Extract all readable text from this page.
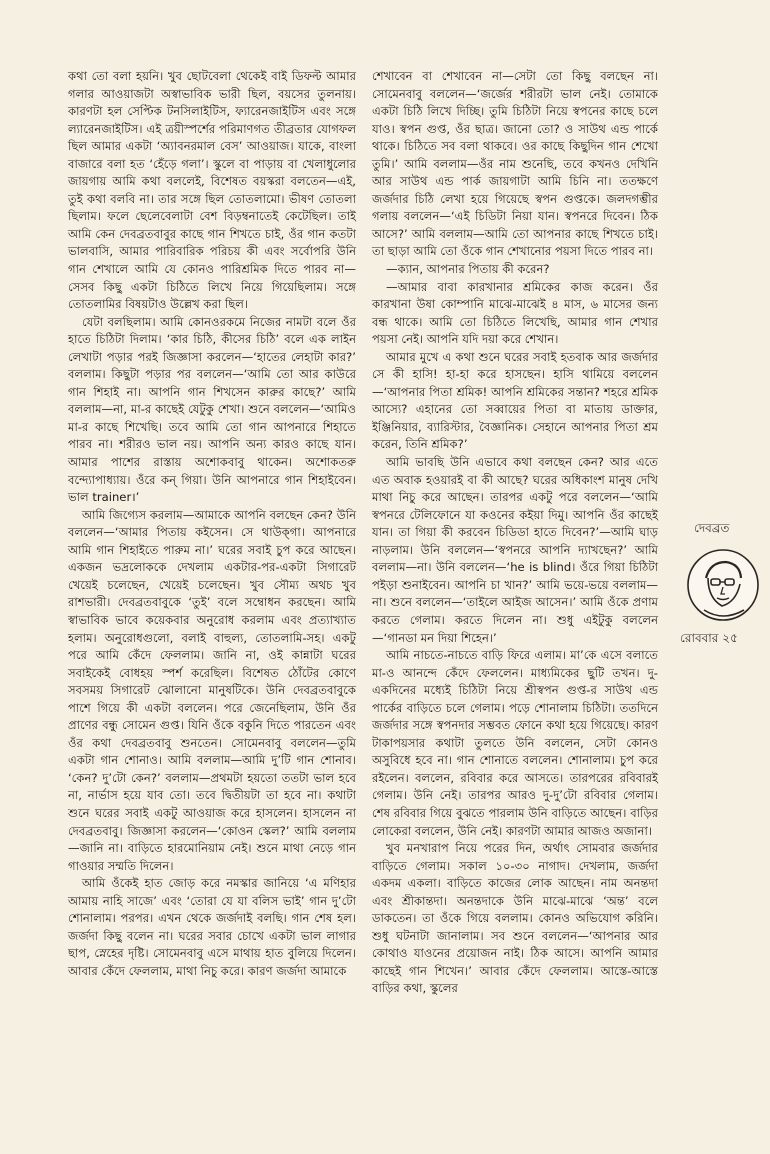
কথা তো বলা হয়নি। খুব ছোটবেলা থেকেই বাই ডিফল্ট আমার গলার আওয়াজটা অস্বাভাবিক ভারী ছিল, বয়সের তুলনায়। কারণটা হল সেপ্টিক টনসিলাইটিস, ফ্যারেনজাইটিস এবং সঙ্গে ল্যারেনজাইটিস। এই ত্রয়ীস্পর্শের পরিমাণগত তীব্রতার যোগফল ছিল আমার একটা ‘অ্যাবনরমাল বেস’ আওয়াজ। যাকে, বাংলা বাজারে বলা হত ‘হেঁড়ে গলা’। স্কুলে বা পাড়ায় বা খেলাধুলোর জায়গায় আমি কথা বললেই, বিশেষত বয়স্করা বলতেন—এই, তুই কথা বলবি না। তার সঙ্গে ছিল তোতলামো। ভীষণ তোতলা ছিলাম। ফলে ছেলেবেলাটা বেশ বিড়ম্বনাতেই কেটেছিল। তাই আমি কেন দেবব্রতবাবুর কাছে গান শিখতে চাই, ওঁর গান কতটা ভালবাসি, আমার পারিবারিক পরিচয় কী এবং সর্বোপরি উনি গান শেখালে আমি যে কোনও পারিশ্রমিক দিতে পারব না—সেসব কিছু একটা চিঠিতে লিখে নিয়ে গিয়েছিলাম। সঙ্গে তোতলামির বিষয়টাও উল্লেখ করা ছিল।

যেটা বলছিলাম। আমি কোনওরকমে নিজের নামটা বলে ওঁর হাতে চিঠিটা দিলাম। ‘কার চিঠি, কীসের চিঠি’ বলে এক লাইন লেখাটা পড়ার পরই জিজ্ঞাসা করলেন—‘হাতের লেহাটা কার?’ বললাম। কিছুটা পড়ার পর বললেন—‘আমি তো আর কাউরে গান শিহাই না। আপনি গান শিখসেন কারুর কাছে?’ আমি বললাম—না, মা-র কাছেই যেটুকু শেখা। শুনে বললেন—‘আমিও মা-র কাছে শিখেছি। তবে আমি তো গান আপনারে শিহাতে পারব না। শরীরও ভাল নয়। আপনি অন্য কারও কাছে যান। আমার পাশের রাস্তায় অশোকবাবু থাকেন। অশোকতরু বন্দ্যোপাধ্যায়। ওঁরে কন্ গিয়া। উনি আপনারে গান শিহাইবেন। ভাল trainer।’

আমি জিগ্যেস করলাম—আমাকে আপনি বলছেন কেন? উনি বললেন—‘আমার পিতায় কইসেন। সে থাউক্গা। আপনারে আমি গান শিহাইতে পারুম না।’ ঘরের সবাই চুপ করে আছেন। একজন ভদ্রলোককে দেখলাম একটার-পর-একটা সিগারেট খেয়েই চলেছেন, খেয়েই চলেছেন। খুব সৌম্য অথচ খুব রাশভারী। দেবব্রতবাবুকে ‘তুই’ বলে সম্বোধন করছেন। আমি স্বাভাবিক ভাবে কয়েকবার অনুরোধ করলাম এবং প্রত্যাখ্যাত হলাম। অনুরোধগুলো, বলাই বাহুল্য, তোতলামি-সহ। একটু পরে আমি কেঁদে ফেললাম। জানি না, ওই কান্নাটা ঘরের সবাইকেই বোধহয় স্পর্শ করেছিল। বিশেষত ঠোঁটের কোণে সবসময় সিগারেট ঝোলানো মানুষটিকে। উনি দেবব্রতবাবুকে পাশে গিয়ে কী একটা বললেন। পরে জেনেছিলাম, উনি ওঁর প্রাণের বন্ধু সোমেন গুপ্ত। যিনি ওঁকে বকুনি দিতে পারতেন এবং ওঁর কথা দেবব্রতবাবু শুনতেন। সোমেনবাবু বললেন—তুমি একটা গান শোনাও। আমি বললাম—আমি দু’টি গান শোনাব। ‘কেন? দু’টো কেন?’ বললাম—প্রথমটা হয়তো ততটা ভাল হবে না, নার্ভাস হয়ে যাব তো। তবে দ্বিতীয়টা তা হবে না। কথাটা শুনে ঘরের সবাই একটু আওয়াজ করে হাসলেন। হাসলেন না দেবব্রতবাবু। জিজ্ঞাসা করলেন—‘কোওন স্কেল?’ আমি বললাম—জানি না। বাড়িতে হারমোনিয়াম নেই। শুনে মাথা নেড়ে গান গাওয়ার সম্মতি দিলেন।

আমি ওঁকেই হাত জোড় করে নমস্কার জানিয়ে ‘এ মণিহার আমায় নাহি সাজে’ এবং ‘তোরা যে যা বলিস ভাই’ গান দু’টো শোনালাম। পরপর। এখন থেকে জর্জদাই বলছি। গান শেষ হল। জর্জদা কিছু বলেন না। ঘরের সবার চোখে একটা ভাল লাগার ছাপ, স্নেহের দৃষ্টি। সোমেনবাবু এসে মাথায় হাত বুলিয়ে দিলেন। আবার কেঁদে ফেললাম, মাথা নিচু করে। কারণ জর্জদা আমাকে

শেখাবেন বা শেখাবেন না—সেটা তো কিছু বলছেন না। সোমেনবাবু বললেন—‘জর্জের শরীরটা ভাল নেই। তোমাকে একটা চিঠি লিখে দিচ্ছি। তুমি চিঠিটা নিয়ে স্বপনের কাছে চলে যাও। স্বপন গুপ্ত, ওঁর ছাত্র। জানো তো? ও সাউথ এন্ড পার্কে থাকে। চিঠিতে সব বলা থাকবে। ওর কাছে কিছুদিন গান শেখো তুমি।’ আমি বললাম—ওঁর নাম শুনেছি, তবে কখনও দেখিনি আর সাউথ এন্ড পার্ক জায়গাটা আমি চিনি না। ততক্ষণে জর্জদার চিঠি লেখা হয়ে গিয়েছে স্বপন গুপ্তকে। জলদগম্ভীর গলায় বললেন—‘এই চিডিটা নিয়া যান। স্বপনরে দিবেন। ঠিক আসে?’ আমি বললাম—আমি তো আপনার কাছে শিখতে চাই। তা ছাড়া আমি তো ওঁকে গান শেখানোর পয়সা দিতে পারব না।

—ক্যান, আপনার পিতায় কী করেন?

—আমার বাবা কারখানার শ্রমিকের কাজ করেন। ওঁর কারখানা উষা কোম্পানি মাঝে-মাঝেই ৪ মাস, ৬ মাসের জন্য বন্ধ থাকে। আমি তো চিঠিতে লিখেছি, আমার গান শেখার পয়সা নেই। আপনি যদি দয়া করে শেখান।

আমার মুখে এ কথা শুনে ঘরের সবাই হতবাক আর জর্জদার সে কী হাসি! হা-হা করে হাসছেন। হাসি থামিয়ে বললেন—‘আপনার পিতা শ্রমিক! আপনি শ্রমিকের সন্তান? শহরে শ্রমিক আস্যে? এহানের তো সব্বায়ের পিতা বা মাতায় ডাক্তার, ইঞ্জিনিয়ার, ব্যারিস্টার, বৈজ্ঞানিক। সেহানে আপনার পিতা শ্রম করেন, তিনি শ্রমিক?’

আমি ভাবছি উনি এভাবে কথা বলছেন কেন? আর এতে এত অবাক হওয়ারই বা কী আছে? ঘরের অধিকাংশ মানুষ দেখি মাথা নিচু করে আছেন। তারপর একটু পরে বললেন—‘আমি স্বপনরে টেলিফোনে যা কওনের কইয়া দিমু। আপনি ওঁর কাছেই যান। তা গিয়া কী করবেন চিডিডা হাতে দিবেন?’—আমি ঘাড় নাড়লাম। উনি বললেন—‘স্বপনরে আপনি দ্যাখছেন?’ আমি বললাম—না। উনি বললেন—‘he is blind। ওঁরে গিয়া চিঠিটা পইড়া শুনাইবেন। আপনি চা খান?’ আমি ভয়ে-ভয়ে বললাম—না। শুনে বললেন—‘তাইলে আইজ আসেন।’ আমি ওঁকে প্রণাম করতে গেলাম। করতে দিলেন না। শুধু এইটুকু বললেন—‘গানডা মন দিয়া শিহেন।’

আমি নাচতে-নাচতে বাড়ি ফিরে এলাম। মা’কে এসে বলাতে মা-ও আনন্দে কেঁদে ফেললেন। মাধ্যমিকের ছুটি তখন। দু-একদিনের মধ্যেই চিঠিটা নিয়ে শ্রীস্বপন গুপ্ত-র সাউথ এন্ড পার্কের বাড়িতে চলে গেলাম। পড়ে শোনালাম চিঠিটা। ততদিনে জর্জদার সঙ্গে স্বপনদার সম্ভবত ফোনে কথা হয়ে গিয়েছে। কারণ টাকাপয়সার কথাটা তুলতে উনি বললেন, সেটা কোনও অসুবিধে হবে না। গান শোনাতে বললেন। শোনালাম। চুপ করে রইলেন। বললেন, রবিবার করে আসতে। তারপরের রবিবারই গেলাম। উনি নেই। তারপর আরও দু-দু’টো রবিবার গেলাম। শেষ রবিবার গিয়ে বুঝতে পারলাম উনি বাড়িতে আছেন। বাড়ির লোকেরা বললেন, উনি নেই। কারণটা আমার আজও অজানা।

খুব মনখারাপ নিয়ে পরের দিন, অর্থাৎ সোমবার জর্জদার বাড়িতে গেলাম। সকাল ১০-৩০ নাগাদ। দেখলাম, জর্জদা একদম একলা। বাড়িতে কাজের লোক আছেন। নাম অনন্তদা এবং শ্রীকান্তদা। অনন্তদাকে উনি মাঝে-মাঝে ‘অন্ত’ বলে ডাকতেন। তা ওঁকে গিয়ে বললাম। কোনও অভিযোগ করিনি। শুধু ঘটনাটা জানালাম। সব শুনে বললেন—‘আপনার আর কোথাও যাওনের প্রয়োজন নাই। ঠিক আসে। আপনি আমার কাছেই গান শিখেন।’ আবার কেঁদে ফেললাম। আস্তে-আস্তে বাড়ির কথা, স্কুলের

দেবব্রত
রোববার ২৫
